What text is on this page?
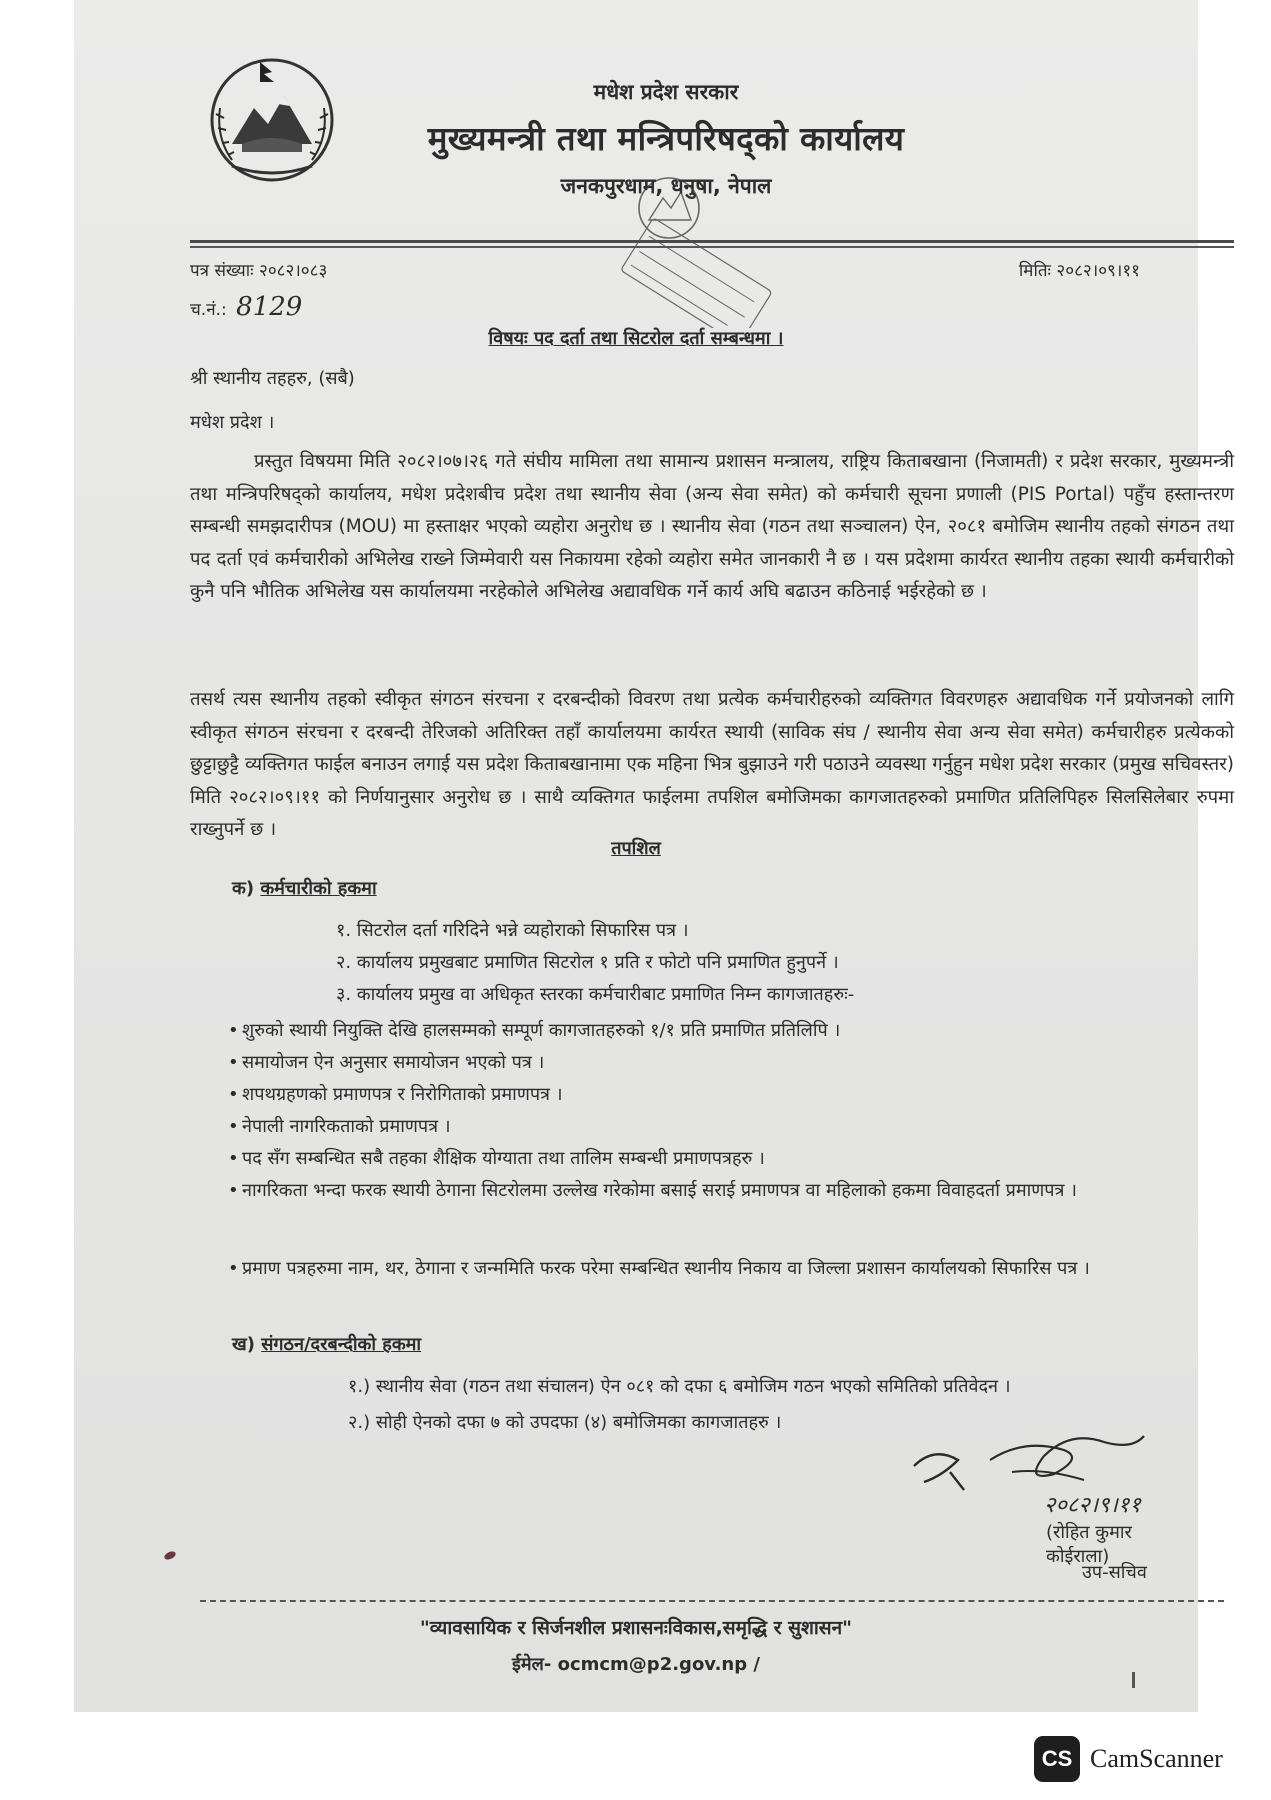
मधेश प्रदेश सरकार
मुख्यमन्त्री तथा मन्त्रिपरिषद्को कार्यालय
जनकपुरधाम, धनुषा, नेपाल
पत्र संख्याः २०८२।०८३	मितिः २०८२।०९।११
च.नं.: 8129
विषयः पद दर्ता तथा सिटरोल दर्ता सम्बन्धमा ।
श्री स्थानीय तहहरु, (सबै)
मधेश प्रदेश ।
प्रस्तुत विषयमा मिति २०८२।०७।२६ गते संघीय मामिला तथा सामान्य प्रशासन मन्त्रालय, राष्ट्रिय किताबखाना (निजामती) र प्रदेश सरकार, मुख्यमन्त्री तथा मन्त्रिपरिषद्को कार्यालय, मधेश प्रदेशबीच प्रदेश तथा स्थानीय सेवा (अन्य सेवा समेत) को कर्मचारी सूचना प्रणाली (PIS Portal) पहुँच हस्तान्तरण सम्बन्धी समझदारीपत्र (MOU) मा हस्ताक्षर भएको व्यहोरा अनुरोध छ । स्थानीय सेवा (गठन तथा सञ्चालन) ऐन, २०८१ बमोजिम स्थानीय तहको संगठन तथा पद दर्ता एवं कर्मचारीको अभिलेख राख्ने जिम्मेवारी यस निकायमा रहेको व्यहोरा समेत जानकारी नै छ । यस प्रदेशमा कार्यरत स्थानीय तहका स्थायी कर्मचारीको कुनै पनि भौतिक अभिलेख यस कार्यालयमा नरहेकोले अभिलेख अद्यावधिक गर्ने कार्य अघि बढाउन कठिनाई भईरहेको छ ।
तसर्थ त्यस स्थानीय तहको स्वीकृत संगठन संरचना र दरबन्दीको विवरण तथा प्रत्येक कर्मचारीहरुको व्यक्तिगत विवरणहरु अद्यावधिक गर्ने प्रयोजनको लागि स्वीकृत संगठन संरचना र दरबन्दी तेरिजको अतिरिक्त तहाँ कार्यालयमा कार्यरत स्थायी (साविक संघ / स्थानीय सेवा अन्य सेवा समेत) कर्मचारीहरु प्रत्येकको छुट्टाछुट्टै व्यक्तिगत फाईल बनाउन लगाई यस प्रदेश किताबखानामा एक महिना भित्र बुझाउने गरी पठाउने व्यवस्था गर्नुहुन मधेश प्रदेश सरकार (प्रमुख सचिवस्तर) मिति २०८२।०९।११ को निर्णयानुसार अनुरोध छ । साथै व्यक्तिगत फाईलमा तपशिल बमोजिमका कागजातहरुको प्रमाणित प्रतिलिपिहरु सिलसिलेबार रुपमा राख्नुपर्ने छ ।
तपशिल
क) कर्मचारीको हकमा
१. सिटरोल दर्ता गरिदिने भन्ने व्यहोराको सिफारिस पत्र ।
२. कार्यालय प्रमुखबाट प्रमाणित सिटरोल १ प्रति र फोटो पनि प्रमाणित हुनुपर्ने ।
३. कार्यालय प्रमुख वा अधिकृत स्तरका कर्मचारीबाट प्रमाणित निम्न कागजातहरुः-
• शुरुको स्थायी नियुक्ति देखि हालसम्मको सम्पूर्ण कागजातहरुको १/१ प्रति प्रमाणित प्रतिलिपि ।
• समायोजन ऐन अनुसार समायोजन भएको पत्र ।
• शपथग्रहणको प्रमाणपत्र र निरोगिताको प्रमाणपत्र ।
• नेपाली नागरिकताको प्रमाणपत्र ।
• पद सँग सम्बन्धित सबै तहका शैक्षिक योग्याता तथा तालिम सम्बन्धी प्रमाणपत्रहरु ।
• नागरिकता भन्दा फरक स्थायी ठेगाना सिटरोलमा उल्लेख गरेकोमा बसाई सराई प्रमाणपत्र वा महिलाको हकमा विवाहदर्ता प्रमाणपत्र ।
• प्रमाण पत्रहरुमा नाम, थर, ठेगाना र जन्ममिति फरक परेमा सम्बन्धित स्थानीय निकाय वा जिल्ला प्रशासन कार्यालयको सिफारिस पत्र ।
ख) संगठन/दरबन्दीको हकमा
१.) स्थानीय सेवा (गठन तथा संचालन) ऐन ०८१ को दफा ६ बमोजिम गठन भएको समितिको प्रतिवेदन ।
२.) सोही ऐनको दफा ७ को उपदफा (४) बमोजिमका कागजातहरु ।
२०८२।९।११
(रोहित कुमार कोईराला)
उप-सचिव
"व्यावसायिक र सिर्जनशील प्रशासनःविकास,समृद्धि र सुशासन"
ईमेल- ocmcm@p2.gov.np /
CS CamScanner
